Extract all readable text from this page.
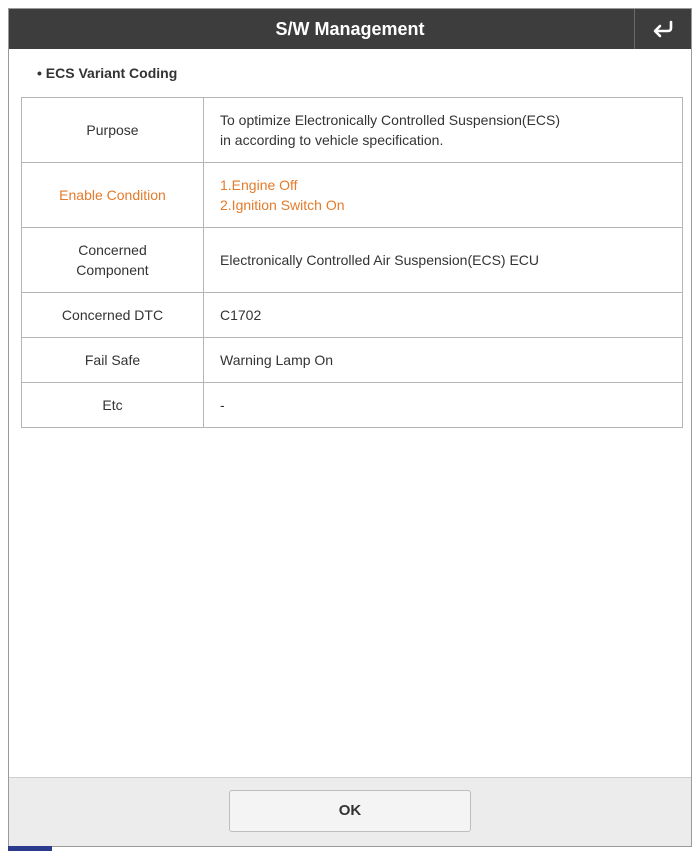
S/W Management
• ECS Variant Coding
Purpose	To optimize Electronically Controlled Suspension(ECS)
in according to vehicle specification.

Enable Condition	1.Engine Off
2.Ignition Switch On

Concerned
Component	Electronically Controlled Air Suspension(ECS) ECU
Concerned DTC	C1702
Fail Safe	Warning Lamp On
Etc	-
OK
